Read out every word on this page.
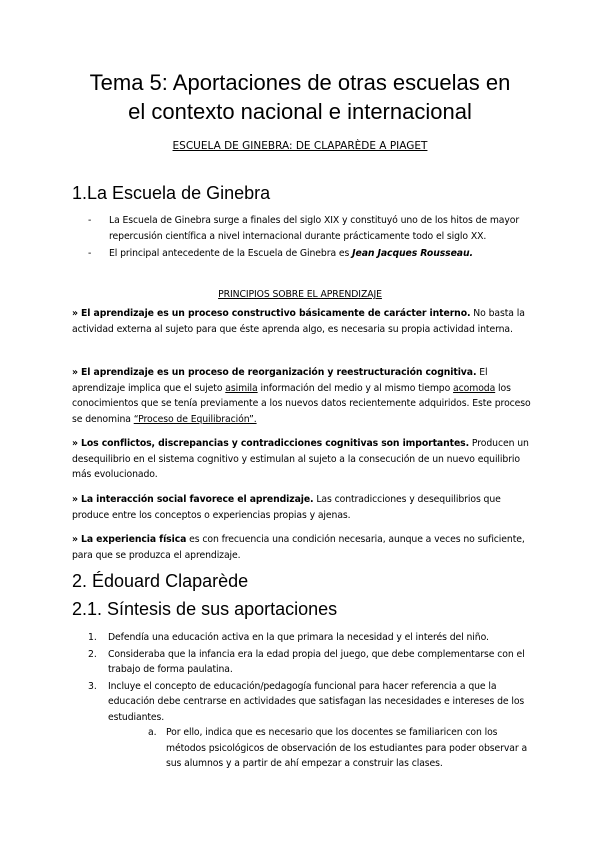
Tema 5: Aportaciones de otras escuelas en
el contexto nacional e internacional

ESCUELA DE GINEBRA: DE CLAPARÈDE A PIAGET

1.La Escuela de Ginebra
- La Escuela de Ginebra surge a finales del siglo XIX y constituyó uno de los hitos de mayor repercusión científica a nivel internacional durante prácticamente todo el siglo XX.
- El principal antecedente de la Escuela de Ginebra es Jean Jacques Rousseau.

PRINCIPIOS SOBRE EL APRENDIZAJE

» El aprendizaje es un proceso constructivo básicamente de carácter interno. No basta la actividad externa al sujeto para que éste aprenda algo, es necesaria su propia actividad interna.

» El aprendizaje es un proceso de reorganización y reestructuración cognitiva. El aprendizaje implica que el sujeto asimila información del medio y al mismo tiempo acomoda los conocimientos que se tenía previamente a los nuevos datos recientemente adquiridos. Este proceso se denomina “Proceso de Equilibración”.

» Los conflictos, discrepancias y contradicciones cognitivas son importantes. Producen un desequilibrio en el sistema cognitivo y estimulan al sujeto a la consecución de un nuevo equilibrio más evolucionado.

» La interacción social favorece el aprendizaje. Las contradicciones y desequilibrios que produce entre los conceptos o experiencias propias y ajenas.

» La experiencia física es con frecuencia una condición necesaria, aunque a veces no suficiente, para que se produzca el aprendizaje.

2. Édouard Claparède
2.1. Síntesis de sus aportaciones
1. Defendía una educación activa en la que primara la necesidad y el interés del niño.
2. Consideraba que la infancia era la edad propia del juego, que debe complementarse con el trabajo de forma paulatina.
3. Incluye el concepto de educación/pedagogía funcional para hacer referencia a que la educación debe centrarse en actividades que satisfagan las necesidades e intereses de los estudiantes.
a. Por ello, indica que es necesario que los docentes se familiaricen con los métodos psicológicos de observación de los estudiantes para poder observar a sus alumnos y a partir de ahí empezar a construir las clases.
